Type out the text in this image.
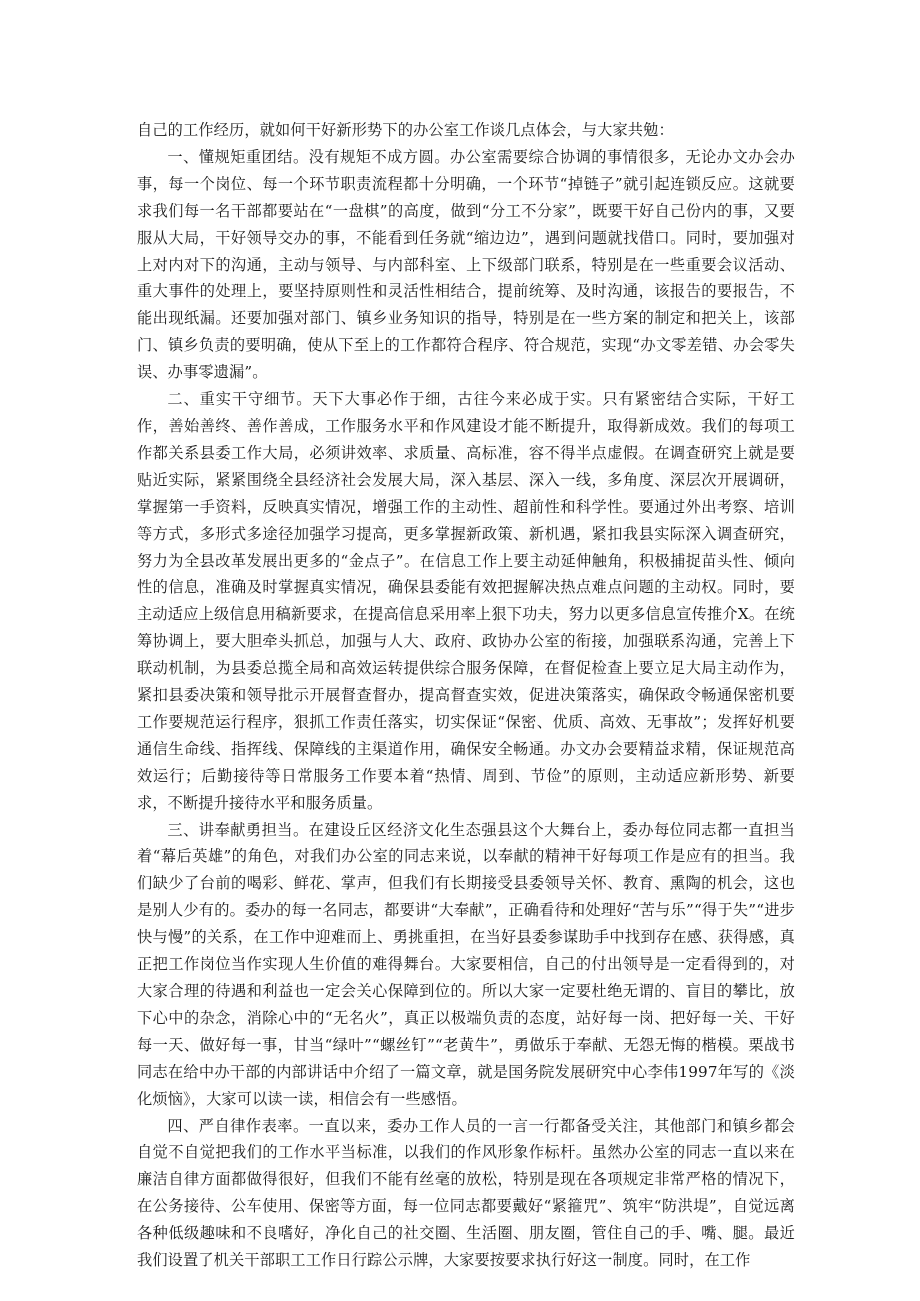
自己的工作经历，就如何干好新形势下的办公室工作谈几点体会，与大家共勉：

一、懂规矩重团结。没有规矩不成方圆。办公室需要综合协调的事情很多，无论办文办会办事，每一个岗位、每一个环节职责流程都十分明确，一个环节“掉链子”就引起连锁反应。这就要求我们每一名干部都要站在“一盘棋”的高度，做到“分工不分家”，既要干好自己份内的事，又要服从大局，干好领导交办的事，不能看到任务就“缩边边”，遇到问题就找借口。同时，要加强对上对内对下的沟通，主动与领导、与内部科室、上下级部门联系，特别是在一些重要会议活动、重大事件的处理上，要坚持原则性和灵活性相结合，提前统筹、及时沟通，该报告的要报告，不能出现纸漏。还要加强对部门、镇乡业务知识的指导，特别是在一些方案的制定和把关上，该部门、镇乡负责的要明确，使从下至上的工作都符合程序、符合规范，实现“办文零差错、办会零失误、办事零遗漏”。

二、重实干守细节。天下大事必作于细，古往今来必成于实。只有紧密结合实际，干好工作，善始善终、善作善成，工作服务水平和作风建设才能不断提升，取得新成效。我们的每项工作都关系县委工作大局，必须讲效率、求质量、高标准，容不得半点虚假。在调查研究上就是要贴近实际，紧紧围绕全县经济社会发展大局，深入基层、深入一线，多角度、深层次开展调研，掌握第一手资料，反映真实情况，增强工作的主动性、超前性和科学性。要通过外出考察、培训等方式，多形式多途径加强学习提高，更多掌握新政策、新机遇，紧扣我县实际深入调查研究，努力为全县改革发展出更多的“金点子”。在信息工作上要主动延伸触角，积极捕捉苗头性、倾向性的信息，准确及时掌握真实情况，确保县委能有效把握解决热点难点问题的主动权。同时，要主动适应上级信息用稿新要求，在提高信息采用率上狠下功夫，努力以更多信息宣传推介X。在统筹协调上，要大胆牵头抓总，加强与人大、政府、政协办公室的衔接，加强联系沟通，完善上下联动机制，为县委总揽全局和高效运转提供综合服务保障，在督促检查上要立足大局主动作为，紧扣县委决策和领导批示开展督查督办，提高督查实效，促进决策落实，确保政令畅通保密机要工作要规范运行程序，狠抓工作责任落实，切实保证“保密、优质、高效、无事故”；发挥好机要通信生命线、指挥线、保障线的主渠道作用，确保安全畅通。办文办会要精益求精，保证规范高效运行；后勤接待等日常服务工作要本着“热情、周到、节俭”的原则，主动适应新形势、新要求，不断提升接待水平和服务质量。

三、讲奉献勇担当。在建设丘区经济文化生态强县这个大舞台上，委办每位同志都一直担当着“幕后英雄”的角色，对我们办公室的同志来说，以奉献的精神干好每项工作是应有的担当。我们缺少了台前的喝彩、鲜花、掌声，但我们有长期接受县委领导关怀、教育、熏陶的机会，这也是别人少有的。委办的每一名同志，都要讲“大奉献”，正确看待和处理好“苦与乐”“得于失”“进步快与慢”的关系，在工作中迎难而上、勇挑重担，在当好县委参谋助手中找到存在感、获得感，真正把工作岗位当作实现人生价值的难得舞台。大家要相信，自己的付出领导是一定看得到的，对大家合理的待遇和利益也一定会关心保障到位的。所以大家一定要杜绝无谓的、盲目的攀比，放下心中的杂念，消除心中的“无名火”，真正以极端负责的态度，站好每一岗、把好每一关、干好每一天、做好每一事，甘当“绿叶”“螺丝钉”“老黄牛”，勇做乐于奉献、无怨无悔的楷模。栗战书同志在给中办干部的内部讲话中介绍了一篇文章，就是国务院发展研究中心李伟1997年写的《淡化烦恼》，大家可以读一读，相信会有一些感悟。

四、严自律作表率。一直以来，委办工作人员的一言一行都备受关注，其他部门和镇乡都会自觉不自觉把我们的工作水平当标准，以我们的作风形象作标杆。虽然办公室的同志一直以来在廉洁自律方面都做得很好，但我们不能有丝毫的放松，特别是现在各项规定非常严格的情况下，在公务接待、公车使用、保密等方面，每一位同志都要戴好“紧箍咒”、筑牢“防洪堤”，自觉远离各种低级趣味和不良嗜好，净化自己的社交圈、生活圈、朋友圈，管住自己的手、嘴、腿。最近我们设置了机关干部职工工作日行踪公示牌，大家要按要求执行好这一制度。同时，在工作
